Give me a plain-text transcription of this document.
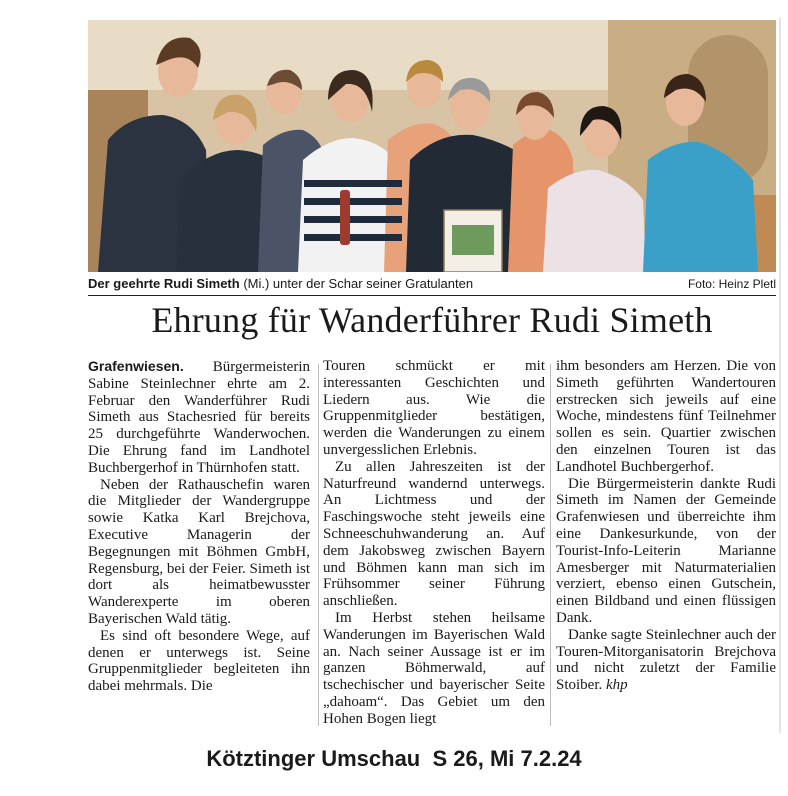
Der geehrte Rudi Simeth (Mi.) unter der Schar seiner Gratulanten	Foto: Heinz Pletl
Ehrung für Wanderführer Rudi Simeth

Grafenwiesen. Bürgermeisterin Sabine Steinlechner ehrte am 2. Februar den Wanderführer Rudi Simeth aus Stachesried für bereits 25 durchgeführte Wanderwochen. Die Ehrung fand im Landhotel Buchbergerhof in Thürnhofen statt.

Neben der Rathauschefin waren die Mitglieder der Wandergruppe sowie Katka Karl Brejchova, Executive Managerin der Begegnungen mit Böhmen GmbH, Regensburg, bei der Feier. Simeth ist dort als heimatbewusster Wanderexperte im oberen Bayerischen Wald tätig.

Es sind oft besondere Wege, auf denen er unterwegs ist. Seine Gruppenmitglieder begleiteten ihn dabei mehrmals. Die

Touren schmückt er mit interessanten Geschichten und Liedern aus. Wie die Gruppenmitglieder bestätigen, werden die Wanderungen zu einem unvergesslichen Erlebnis.

Zu allen Jahreszeiten ist der Naturfreund wandernd unterwegs. An Lichtmess und der Faschingswoche steht jeweils eine Schneeschuhwanderung an. Auf dem Jakobsweg zwischen Bayern und Böhmen kann man sich im Frühsommer seiner Führung anschließen.

Im Herbst stehen heilsame Wanderungen im Bayerischen Wald an. Nach seiner Aussage ist er im ganzen Böhmerwald, auf tschechischer und bayerischer Seite „dahoam“. Das Gebiet um den Hohen Bogen liegt

ihm besonders am Herzen. Die von Simeth geführten Wandertouren erstrecken sich jeweils auf eine Woche, mindestens fünf Teilnehmer sollen es sein. Quartier zwischen den einzelnen Touren ist das Landhotel Buchbergerhof.

Die Bürgermeisterin dankte Rudi Simeth im Namen der Gemeinde Grafenwiesen und überreichte ihm eine Dankesurkunde, von der Tourist-Info-Leiterin Marianne Amesberger mit Naturmaterialien verziert, ebenso einen Gutschein, einen Bildband und einen flüssigen Dank.

Danke sagte Steinlechner auch der Touren-Mitorganisatorin Brejchova und nicht zuletzt der Familie Stoiber. khp

Kötztinger Umschau  S 26, Mi 7.2.24
